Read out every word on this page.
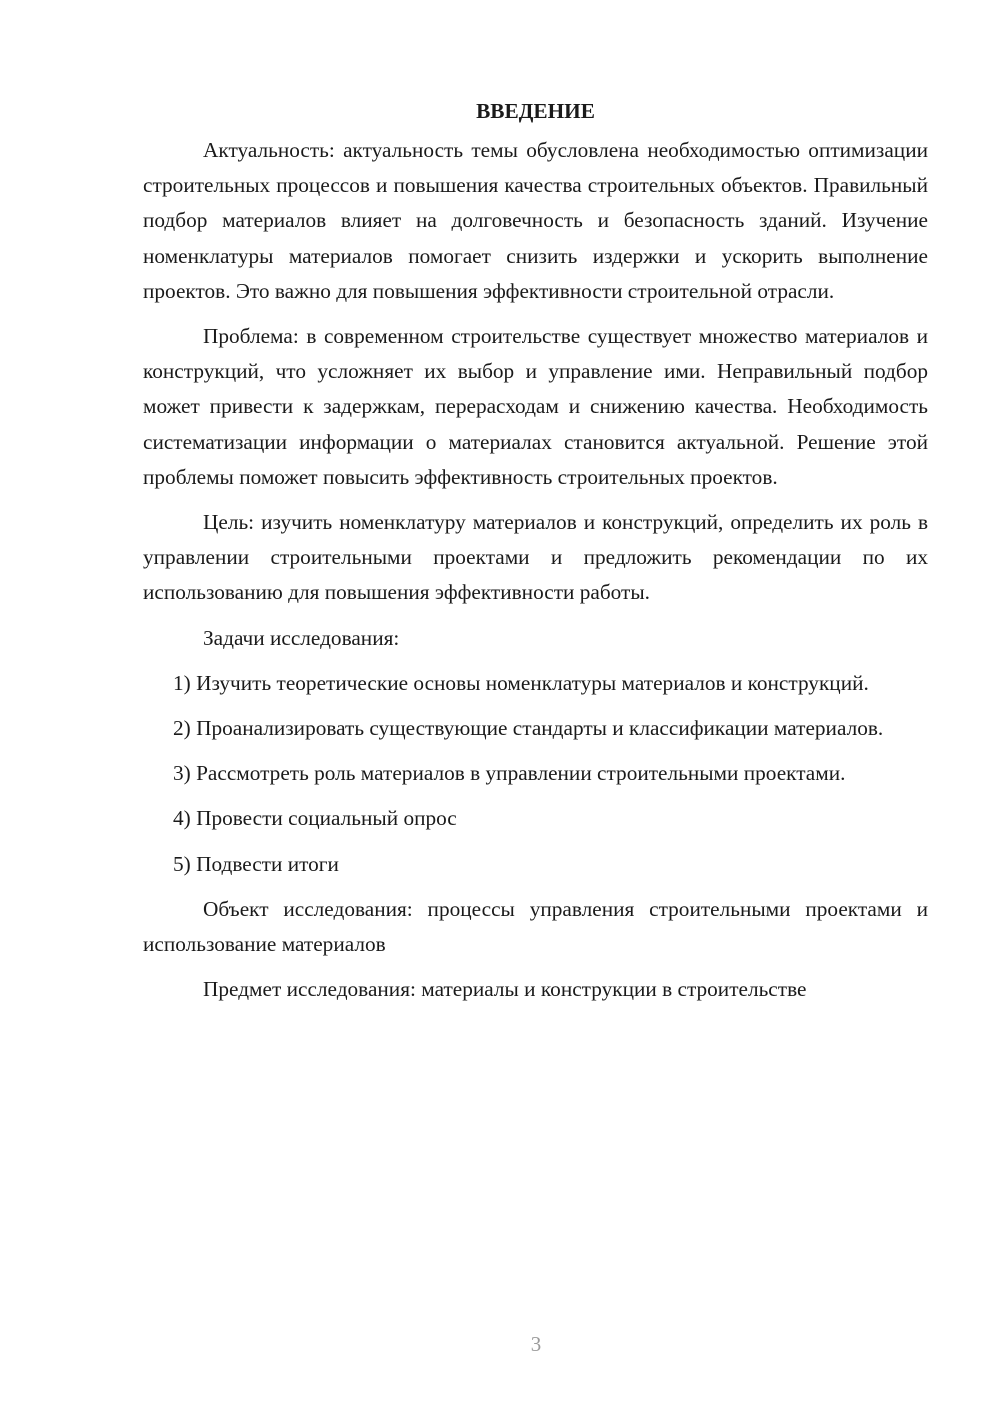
ВВЕДЕНИЕ

Актуальность: актуальность темы обусловлена необходимостью оптимизации строительных процессов и повышения качества строительных объектов. Правильный подбор материалов влияет на долговечность и безопасность зданий. Изучение номенклатуры материалов помогает снизить издержки и ускорить выполнение проектов. Это важно для повышения эффективности строительной отрасли.

Проблема: в современном строительстве существует множество материалов и конструкций, что усложняет их выбор и управление ими. Неправильный подбор может привести к задержкам, перерасходам и снижению качества. Необходимость систематизации информации о материалах становится актуальной. Решение этой проблемы поможет повысить эффективность строительных проектов.

Цель: изучить номенклатуру материалов и конструкций, определить их роль в управлении строительными проектами и предложить рекомендации по их использованию для повышения эффективности работы.

Задачи исследования:

1) Изучить теоретические основы номенклатуры материалов и конструкций.

2) Проанализировать существующие стандарты и классификации материалов.

3) Рассмотреть роль материалов в управлении строительными проектами.

4) Провести социальный опрос

5) Подвести итоги

Объект исследования: процессы управления строительными проектами и использование материалов

Предмет исследования: материалы и конструкции в строительстве

3
